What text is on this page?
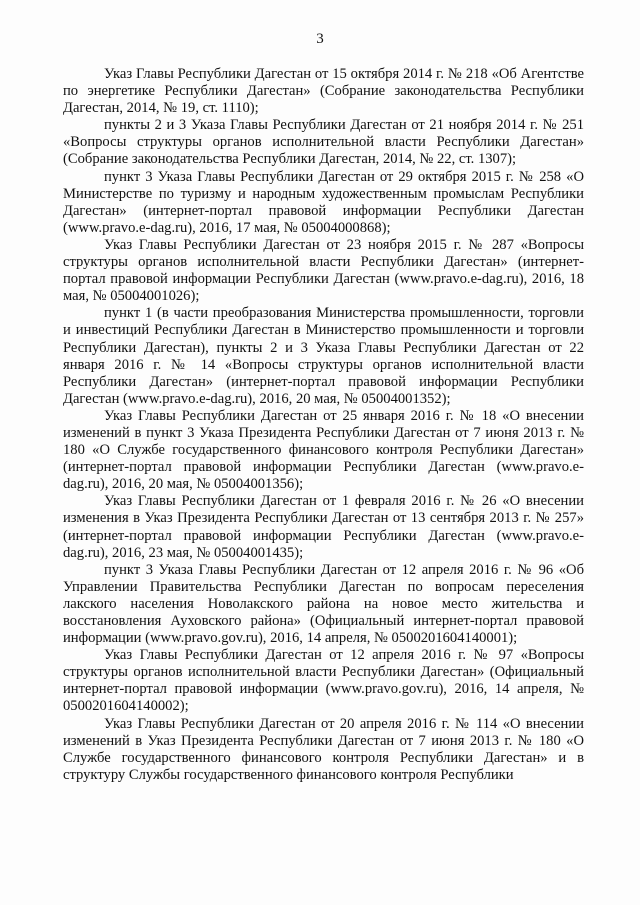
3

Указ Главы Республики Дагестан от 15 октября 2014 г. № 218 «Об Агентстве по энергетике Республики Дагестан» (Собрание законодательства Республики Дагестан, 2014, № 19, ст. 1110);

пункты 2 и 3 Указа Главы Республики Дагестан от 21 ноября 2014 г. № 251 «Вопросы структуры органов исполнительной власти Республики Дагестан» (Собрание законодательства Республики Дагестан, 2014, № 22, ст. 1307);

пункт 3 Указа Главы Республики Дагестан от 29 октября 2015 г. № 258 «О Министерстве по туризму и народным художественным промыслам Республики Дагестан» (интернет-портал правовой информации Республики Дагестан (www.pravo.e-dag.ru), 2016, 17 мая, № 05004000868);

Указ Главы Республики Дагестан от 23 ноября 2015 г. № 287 «Вопросы структуры органов исполнительной власти Республики Дагестан» (интернет-портал правовой информации Республики Дагестан (www.pravo.e-dag.ru), 2016, 18 мая, № 05004001026);

пункт 1 (в части преобразования Министерства промышленности, торговли и инвестиций Республики Дагестан в Министерство промышленности и торговли Республики Дагестан), пункты 2 и 3 Указа Главы Республики Дагестан от 22 января 2016 г. № 14 «Вопросы структуры органов исполнительной власти Республики Дагестан» (интернет-портал правовой информации Республики Дагестан (www.pravo.e-dag.ru), 2016, 20 мая, № 05004001352);

Указ Главы Республики Дагестан от 25 января 2016 г. № 18 «О внесении изменений в пункт 3 Указа Президента Республики Дагестан от 7 июня 2013 г. № 180 «О Службе государственного финансового контроля Республики Дагестан» (интернет-портал правовой информации Республики Дагестан (www.pravo.e-dag.ru), 2016, 20 мая, № 05004001356);

Указ Главы Республики Дагестан от 1 февраля 2016 г. № 26 «О внесении изменения в Указ Президента Республики Дагестан от 13 сентября 2013 г. № 257» (интернет-портал правовой информации Республики Дагестан (www.pravo.e-dag.ru), 2016, 23 мая, № 05004001435);

пункт 3 Указа Главы Республики Дагестан от 12 апреля 2016 г. № 96 «Об Управлении Правительства Республики Дагестан по вопросам переселения лакского населения Новолакского района на новое место жительства и восстановления Ауховского района» (Официальный интернет-портал правовой информации (www.pravo.gov.ru), 2016, 14 апреля, № 0500201604140001);

Указ Главы Республики Дагестан от 12 апреля 2016 г. № 97 «Вопросы структуры органов исполнительной власти Республики Дагестан» (Официальный интернет-портал правовой информации (www.pravo.gov.ru), 2016, 14 апреля, № 0500201604140002);

Указ Главы Республики Дагестан от 20 апреля 2016 г. № 114 «О внесении изменений в Указ Президента Республики Дагестан от 7 июня 2013 г. № 180 «О Службе государственного финансового контроля Республики Дагестан» и в структуру Службы государственного финансового контроля Республики
